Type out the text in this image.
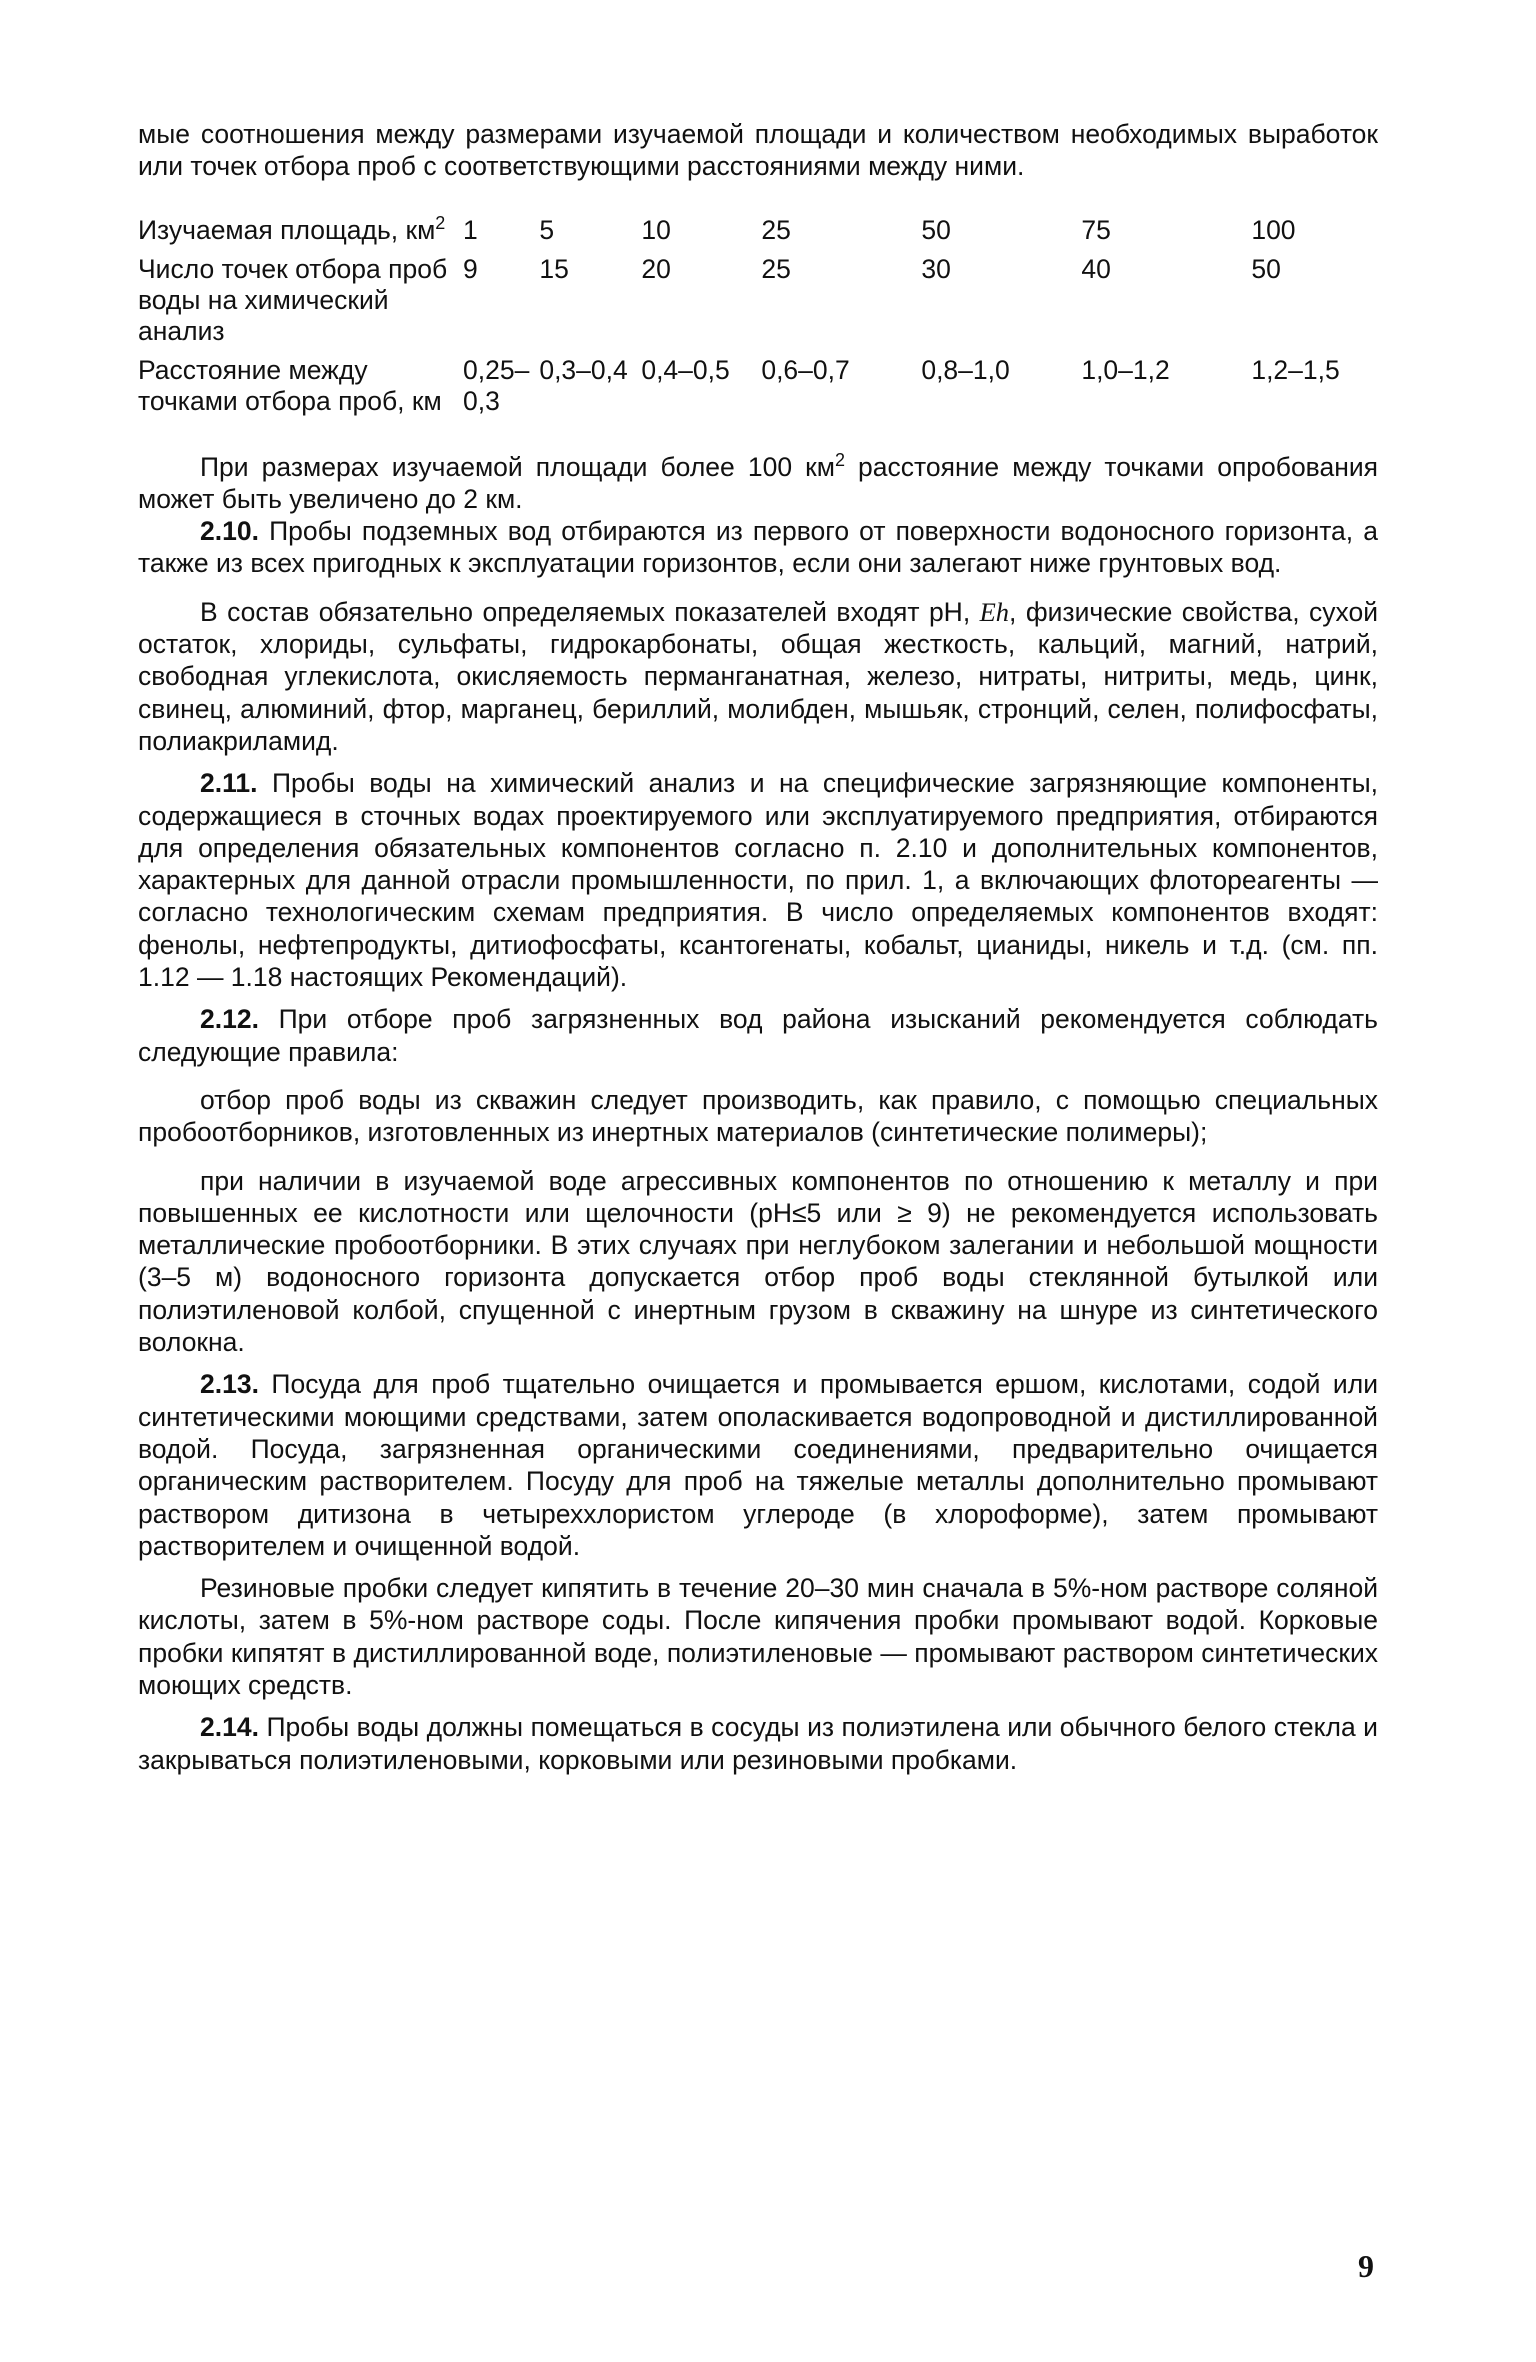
мые соотношения между размерами изучаемой площади и количеством необходимых выработок или точек отбора проб с соответствующими расстояниями между ними.

Изучаемая площадь, $км^2$	1	5	10	25	50	75	100
Число точек отбора проб воды на химический анализ	9	15	20	25	30	40	50
Расстояние между точками отбора проб, км	0,25–0,3	0,3–0,4	0,4–0,5	0,6–0,7	0,8–1,0	1,0–1,2	1,2–1,5

При размерах изучаемой площади более 100 $км^2$ расстояние между точками опробования может быть увеличено до 2 км.

2.10. Пробы подземных вод отбираются из первого от поверхности водоносного горизонта, а также из всех пригодных к эксплуатации горизонтов, если они залегают ниже грунтовых вод.

В состав обязательно определяемых показателей входят pH, Eh, физические свойства, сухой остаток, хлориды, сульфаты, гидрокарбонаты, общая жесткость, кальций, магний, натрий, свободная углекислота, окисляемость перманганатная, железо, нитраты, нитриты, медь, цинк, свинец, алюминий, фтор, марганец, бериллий, молибден, мышьяк, стронций, селен, полифосфаты, полиакриламид.

2.11. Пробы воды на химический анализ и на специфические загрязняющие компоненты, содержащиеся в сточных водах проектируемого или эксплуатируемого предприятия, отбираются для определения обязательных компонентов согласно п. 2.10 и дополнительных компонентов, характерных для данной отрасли промышленности, по прил. 1, а включающих флотореагенты — согласно технологическим схемам предприятия. В число определяемых компонентов входят: фенолы, нефтепродукты, дитиофосфаты, ксантогенаты, кобальт, цианиды, никель и т.д. (см. пп. 1.12 — 1.18 настоящих Рекомендаций).

2.12. При отборе проб загрязненных вод района изысканий рекомендуется соблюдать следующие правила:

отбор проб воды из скважин следует производить, как правило, с помощью специальных пробоотборников, изготовленных из инертных материалов (синтетические полимеры);

при наличии в изучаемой воде агрессивных компонентов по отношению к металлу и при повышенных ее кислотности или щелочности (pH≤5 или ≥ 9) не рекомендуется использовать металлические пробоотборники. В этих случаях при неглубоком залегании и небольшой мощности (3–5 м) водоносного горизонта допускается отбор проб воды стеклянной бутылкой или полиэтиленовой колбой, спущенной с инертным грузом в скважину на шнуре из синтетического волокна.

2.13. Посуда для проб тщательно очищается и промывается ершом, кислотами, содой или синтетическими моющими средствами, затем ополаскивается водопроводной и дистиллированной водой. Посуда, загрязненная органическими соединениями, предварительно очищается органическим растворителем. Посуду для проб на тяжелые металлы дополнительно промывают раствором дитизона в четыреххлористом углероде (в хлороформе), затем промывают растворителем и очищенной водой.

Резиновые пробки следует кипятить в течение 20–30 мин сначала в 5%-ном растворе соляной кислоты, затем в 5%-ном растворе соды. После кипячения пробки промывают водой. Корковые пробки кипятят в дистиллированной воде, полиэтиленовые — промывают раствором синтетических моющих средств.

2.14. Пробы воды должны помещаться в сосуды из полиэтилена или обычного белого стекла и закрываться полиэтиленовыми, корковыми или резиновыми пробками.

9
